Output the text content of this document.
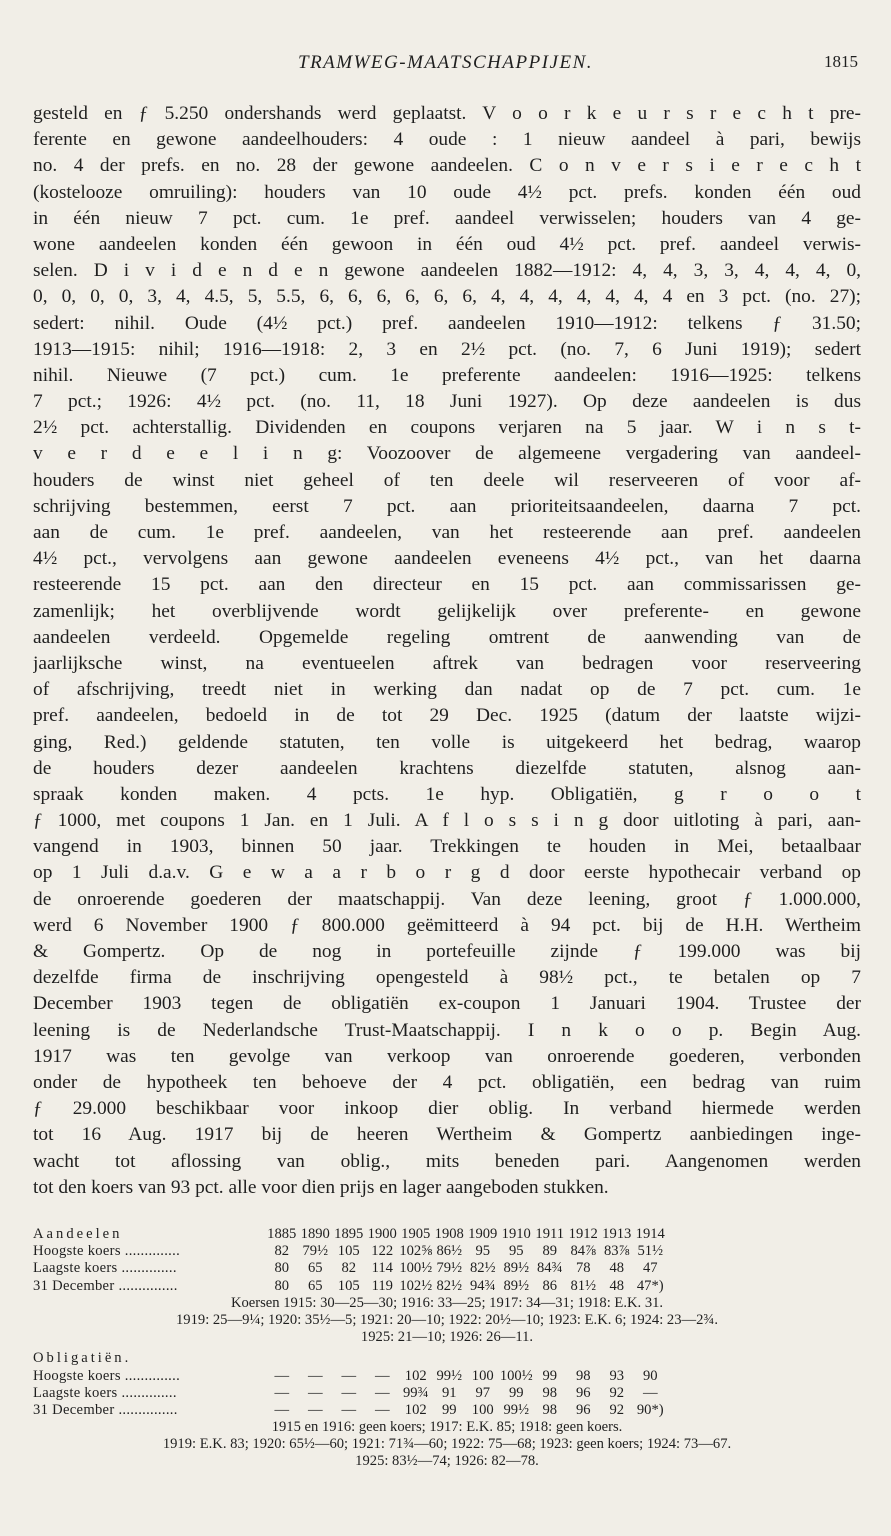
TRAMWEG-MAATSCHAPPIJEN.	1815
gesteld en ƒ 5.250 ondershands werd geplaatst. V o o r k e u r s r e c h t pre-
ferente en gewone aandeelhouders: 4 oude : 1 nieuw aandeel à pari, bewijs
no. 4 der prefs. en no. 28 der gewone aandeelen. C o n v e r s i e r e c h t
(kostelooze omruiling): houders van 10 oude 4½ pct. prefs. konden één oud
in één nieuw 7 pct. cum. 1e pref. aandeel verwisselen; houders van 4 ge-
wone aandeelen konden één gewoon in één oud 4½ pct. pref. aandeel verwis-
selen. D i v i d e n d e n gewone aandeelen 1882—1912: 4, 4, 3, 3, 4, 4, 4, 0,
0, 0, 0, 0, 3, 4, 4.5, 5, 5.5, 6, 6, 6, 6, 6, 6, 4, 4, 4, 4, 4, 4, 4 en 3 pct. (no. 27);
sedert: nihil. Oude (4½ pct.) pref. aandeelen 1910—1912: telkens ƒ 31.50;
1913—1915: nihil; 1916—1918: 2, 3 en 2½ pct. (no. 7, 6 Juni 1919); sedert
nihil. Nieuwe (7 pct.) cum. 1e preferente aandeelen: 1916—1925: telkens
7 pct.; 1926: 4½ pct. (no. 11, 18 Juni 1927). Op deze aandeelen is dus
2½ pct. achterstallig. Dividenden en coupons verjaren na 5 jaar. W i n s t-
v e r d e e l i n g: Voozoover de algemeene vergadering van aandeel-
houders de winst niet geheel of ten deele wil reserveeren of voor af-
schrijving bestemmen, eerst 7 pct. aan prioriteitsaandeelen, daarna 7 pct.
aan de cum. 1e pref. aandeelen, van het resteerende aan pref. aandeelen
4½ pct., vervolgens aan gewone aandeelen eveneens 4½ pct., van het daarna
resteerende 15 pct. aan den directeur en 15 pct. aan commissarissen ge-
zamenlijk; het overblijvende wordt gelijkelijk over preferente- en gewone
aandeelen verdeeld. Opgemelde regeling omtrent de aanwending van de
jaarlijksche winst, na eventueelen aftrek van bedragen voor reserveering
of afschrijving, treedt niet in werking dan nadat op de 7 pct. cum. 1e
pref. aandeelen, bedoeld in de tot 29 Dec. 1925 (datum der laatste wijzi-
ging, Red.) geldende statuten, ten volle is uitgekeerd het bedrag, waarop
de houders dezer aandeelen krachtens diezelfde statuten, alsnog aan-
spraak konden maken. 4 pcts. 1e hyp. Obligatiën, g r o o t
ƒ 1000, met coupons 1 Jan. en 1 Juli. A f l o s s i n g door uitloting à pari, aan-
vangend in 1903, binnen 50 jaar. Trekkingen te houden in Mei, betaalbaar
op 1 Juli d.a.v. G e w a a r b o r g d door eerste hypothecair verband op
de onroerende goederen der maatschappij. Van deze leening, groot ƒ 1.000.000,
werd 6 November 1900 ƒ 800.000 geëmitteerd à 94 pct. bij de H.H. Wertheim
& Gompertz. Op de nog in portefeuille zijnde ƒ 199.000 was bij
dezelfde firma de inschrijving opengesteld à 98½ pct., te betalen op 7
December 1903 tegen de obligatiën ex-coupon 1 Januari 1904. Trustee der
leening is de Nederlandsche Trust-Maatschappij. I n k o o p. Begin Aug.
1917 was ten gevolge van verkoop van onroerende goederen, verbonden
onder de hypotheek ten behoeve der 4 pct. obligatiën, een bedrag van ruim
ƒ 29.000 beschikbaar voor inkoop dier oblig. In verband hiermede werden
tot 16 Aug. 1917 bij de heeren Wertheim & Gompertz aanbiedingen inge-
wacht tot aflossing van oblig., mits beneden pari. Aangenomen werden
tot den koers van 93 pct. alle voor dien prijs en lager aangeboden stukken.
Aandeelen	1885 1890 1895 1900 1905 1908 1909 1910 1911 1912 1913 1914
Hoogste koers ..............	82 79½ 105 122 102⅝ 86½ 95	95	89 84⅞ 83⅞ 51½
Laagste koers ..............	80	65	82	114 100½ 79½ 82½ 89½ 84¾ 78	48	47
31 December ...............	80	65	105 119 102½ 82½ 94¾ 89½ 86 81½ 48 47*)
Koersen 1915: 30—25—30; 1916: 33—25; 1917: 34—31; 1918: E.K. 31.
1919: 25—9¼; 1920: 35½—5; 1921: 20—10; 1922: 20½—10; 1923: E.K. 6; 1924: 23—2¾.
1925: 21—10; 1926: 26—11.
Obligatiën.
Hoogste koers ..............	—	—	—	—	102 99½ 100 100½ 99	98	93	90
Laagste koers ..............	—	—	—	— 99¾ 91	97	99	98	96	92	—
31 December ...............	—	—	—	—	102	99	100 99½ 98	96	92 90*)
1915 en 1916: geen koers; 1917: E.K. 85; 1918: geen koers.
1919: E.K. 83; 1920: 65½—60; 1921: 71¾—60; 1922: 75—68; 1923: geen koers; 1924: 73—67.
1925: 83½—74; 1926: 82—78.
